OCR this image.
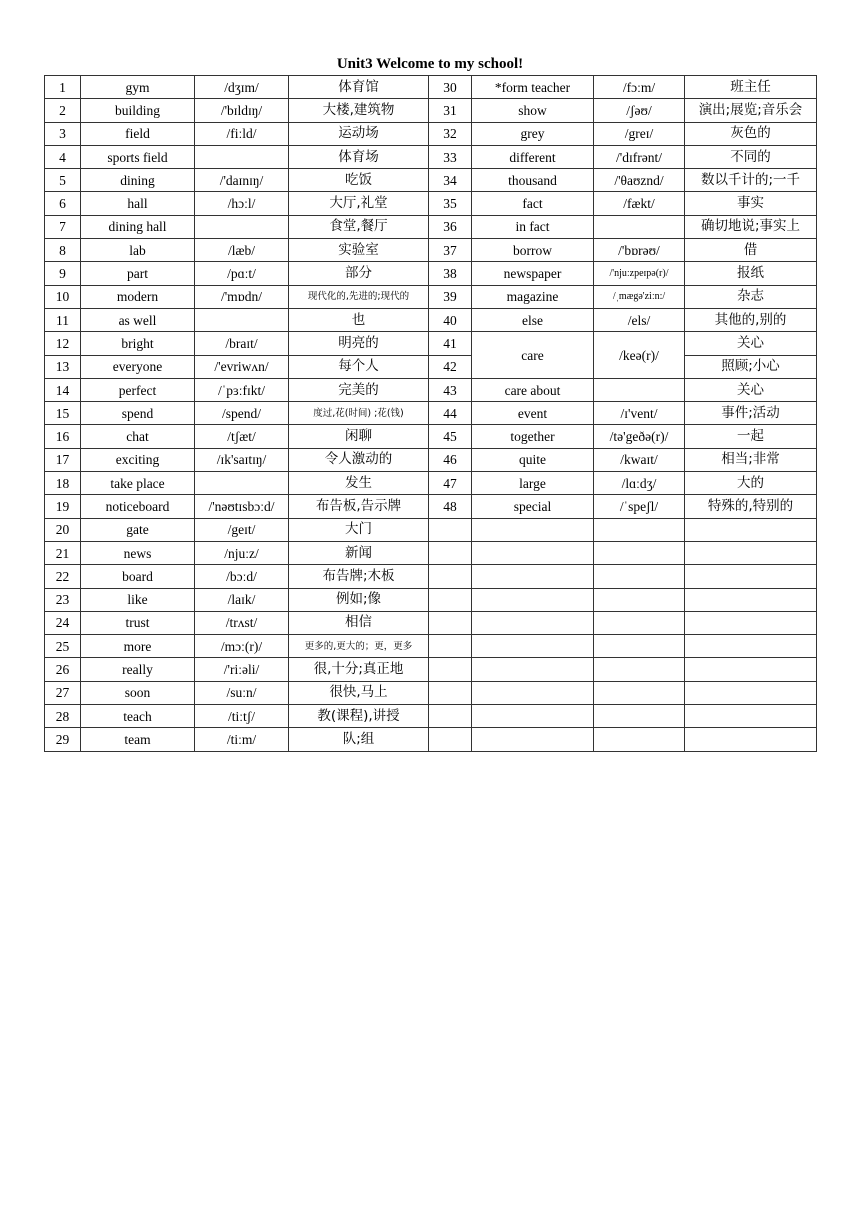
Unit3 Welcome to my school!
1	gym	/dʒɪm/	体育馆	30	*form teacher	/fɔːm/	班主任
2	building	/'bɪldɪŋ/	大楼,建筑物	31	show	/ʃəʊ/	演出;展览;音乐会
3	field	/fiːld/	运动场	32	grey	/greɪ/	灰色的
4	sports field		体育场	33	different	/'dɪfrənt/	不同的
5	dining	/'daɪnɪŋ/	吃饭	34	thousand	/'θaʊznd/	数以千计的;一千
6	hall	/hɔːl/	大厅,礼堂	35	fact	/fækt/	事实
7	dining hall		食堂,餐厅	36	in fact		确切地说;事实上
8	lab	/læb/	实验室	37	borrow	/'bɒrəʊ/	借
9	part	/pɑːt/	部分	38	newspaper	/'njuːzpeɪpə(r)/	报纸
10	modern	/'mɒdn/	现代化的,先进的;现代的	39	magazine	/ˌmægə'ziːn:/	杂志
11	as well		也	40	else	/els/	其他的,别的
12	bright	/braɪt/	明亮的	41	care	/keə(r)/	关心
13	everyone	/'evriwʌn/	每个人	42			照顾;小心
14	perfect	/ˈpɜːfɪkt/	完美的	43	care about		关心
15	spend	/spend/	度过,花(时间) ;花(钱)	44	event	/ɪ'vent/	事件;活动
16	chat	/tʃæt/	闲聊	45	together	/tə'geðə(r)/	一起
17	exciting	/ɪk'saɪtɪŋ/	令人激动的	46	quite	/kwaɪt/	相当;非常
18	take place		发生	47	large	/lɑːdʒ/	大的
19	noticeboard	/'nəʊtɪsbɔːd/	布告板,告示牌	48	special	/ˈspeʃl/	特殊的,特别的
20	gate	/geɪt/	大门				
21	news	/njuːz/	新闻				
22	board	/bɔːd/	布告牌;木板				
23	like	/laɪk/	例如;像				
24	trust	/trʌst/	相信				
25	more	/mɔː(r)/	更多的,更大的；更，更多				
26	really	/'riːəli/	很,十分;真正地				
27	soon	/suːn/	很快,马上				
28	teach	/tiːtʃ/	教(课程),讲授				
29	team	/tiːm/	队;组				
